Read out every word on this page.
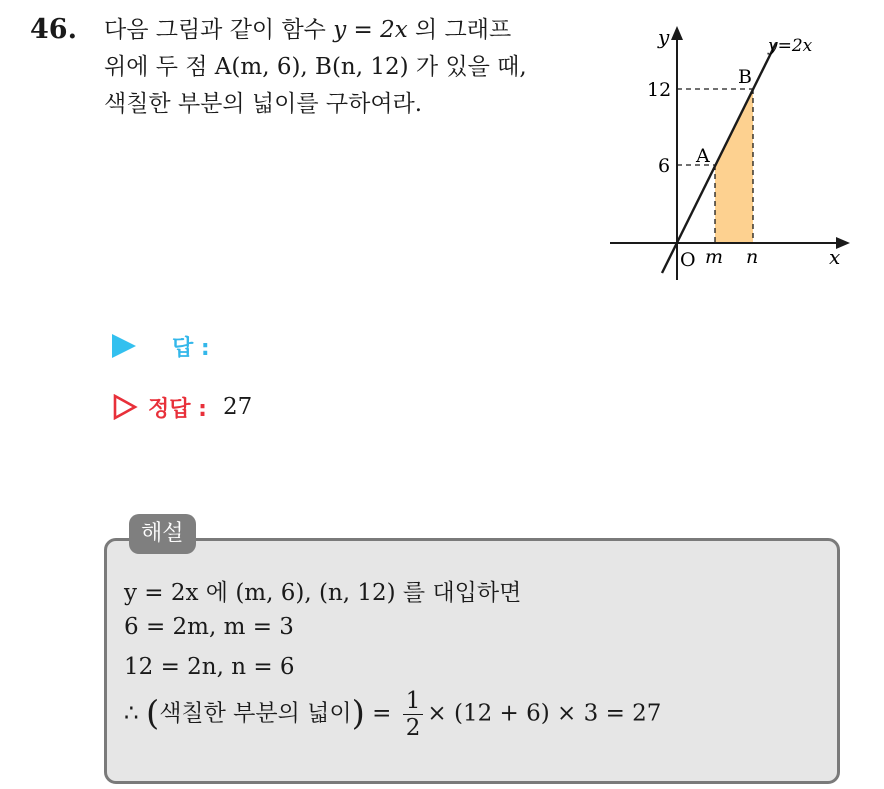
46. 다음 그림과 같이 함수 y = 2x 의 그래프
위에 두 점 A(m, 6), B(n, 12) 가 있을 때,
색칠한 부분의 넓이를 구하여라.
y
x
y=2x
12
6 A
B
O m n
답 :
정답 : 27
해설
y = 2x 에 (m, 6), (n, 12) 를 대입하면
6 = 2m, m = 3
12 = 2n, n = 6
∴ (색칠한 부분의 넓이) = $\frac{1}{2} \times (12 + 6) \times 3 = 27$
